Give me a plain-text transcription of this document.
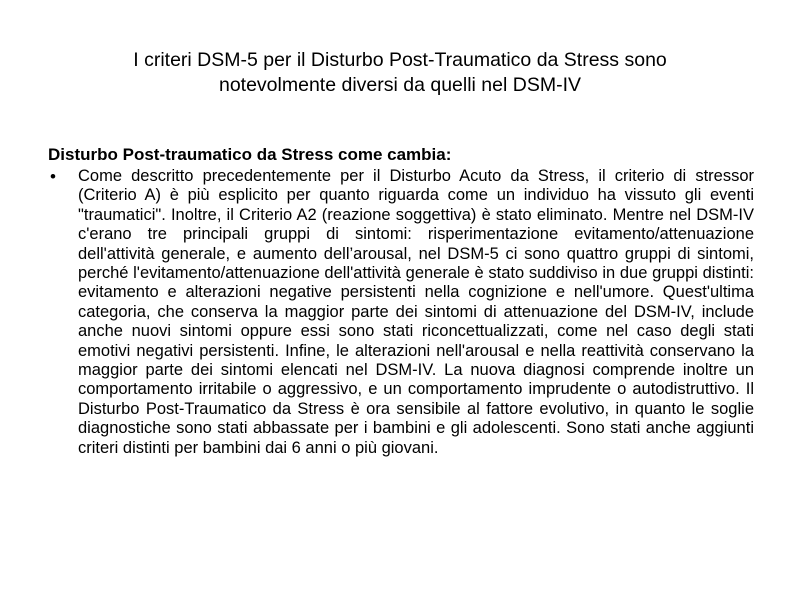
I criteri DSM-5 per il Disturbo Post-Traumatico da Stress sono
notevolmente diversi da quelli nel DSM-IV

Disturbo Post-traumatico da Stress come cambia:

• Come descritto precedentemente per il Disturbo Acuto da Stress, il criterio di stressor (Criterio A) è più esplicito per quanto riguarda come un individuo ha vissuto gli eventi "traumatici". Inoltre, il Criterio A2 (reazione soggettiva) è stato eliminato. Mentre nel DSM-IV c'erano tre principali gruppi di sintomi: risperimentazione evitamento/attenuazione dell'attività generale, e aumento dell’arousal, nel DSM-5 ci sono quattro gruppi di sintomi, perché l'evitamento/attenuazione dell'attività generale è stato suddiviso in due gruppi distinti: evitamento e alterazioni negative persistenti nella cognizione e nell'umore. Quest'ultima categoria, che conserva la maggior parte dei sintomi di attenuazione del DSM-IV, include anche nuovi sintomi oppure essi sono stati riconcettualizzati, come nel caso degli stati emotivi negativi persistenti. Infine, le alterazioni nell'arousal e nella reattività conservano la maggior parte dei sintomi elencati nel DSM-IV. La nuova diagnosi comprende inoltre un comportamento irritabile o aggressivo, e un comportamento imprudente o autodistruttivo. Il Disturbo Post-Traumatico da Stress è ora sensibile al fattore evolutivo, in quanto le soglie diagnostiche sono stati abbassate per i bambini e gli adolescenti. Sono stati anche aggiunti criteri distinti per bambini dai 6 anni o più giovani.
